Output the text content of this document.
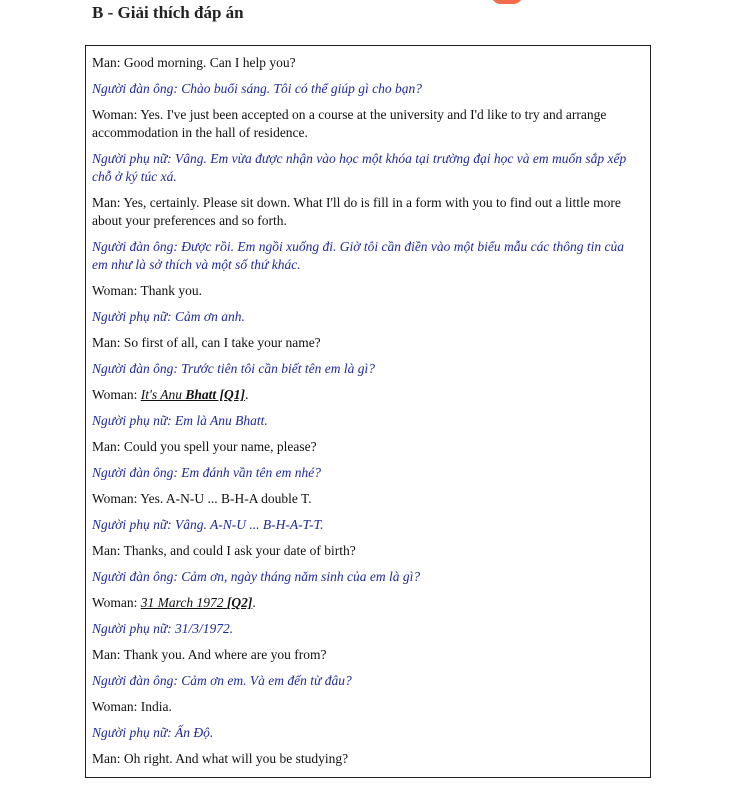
B - Giải thích đáp án

Man: Good morning. Can I help you?

Người đàn ông: Chào buổi sáng. Tôi có thể giúp gì cho bạn?

Woman: Yes. I've just been accepted on a course at the university and I'd like to try and arrange accommodation in the hall of residence.

Người phụ nữ: Vâng. Em vừa được nhận vào học một khóa tại trường đại học và em muốn sắp xếp chỗ ở ký túc xá.

Man: Yes, certainly. Please sit down. What I'll do is fill in a form with you to find out a little more about your preferences and so forth.

Người đàn ông: Được rồi. Em ngồi xuống đi. Giờ tôi cần điền vào một biểu mẫu các thông tin của em như là sở thích và một số thứ khác.

Woman: Thank you.

Người phụ nữ: Cảm ơn anh.

Man: So first of all, can I take your name?

Người đàn ông: Trước tiên tôi cần biết tên em là gì?

Woman: It's Anu Bhatt [Q1].

Người phụ nữ: Em là Anu Bhatt.

Man: Could you spell your name, please?

Người đàn ông: Em đánh vần tên em nhé?

Woman: Yes. A-N-U ... B-H-A double T.

Người phụ nữ: Vâng. A-N-U ... B-H-A-T-T.

Man: Thanks, and could I ask your date of birth?

Người đàn ông: Cảm ơn, ngày tháng năm sinh của em là gì?

Woman: 31 March 1972 [Q2].

Người phụ nữ: 31/3/1972.

Man: Thank you. And where are you from?

Người đàn ông: Cảm ơn em. Và em đến từ đâu?

Woman: India.

Người phụ nữ: Ấn Độ.

Man: Oh right. And what will you be studying?
